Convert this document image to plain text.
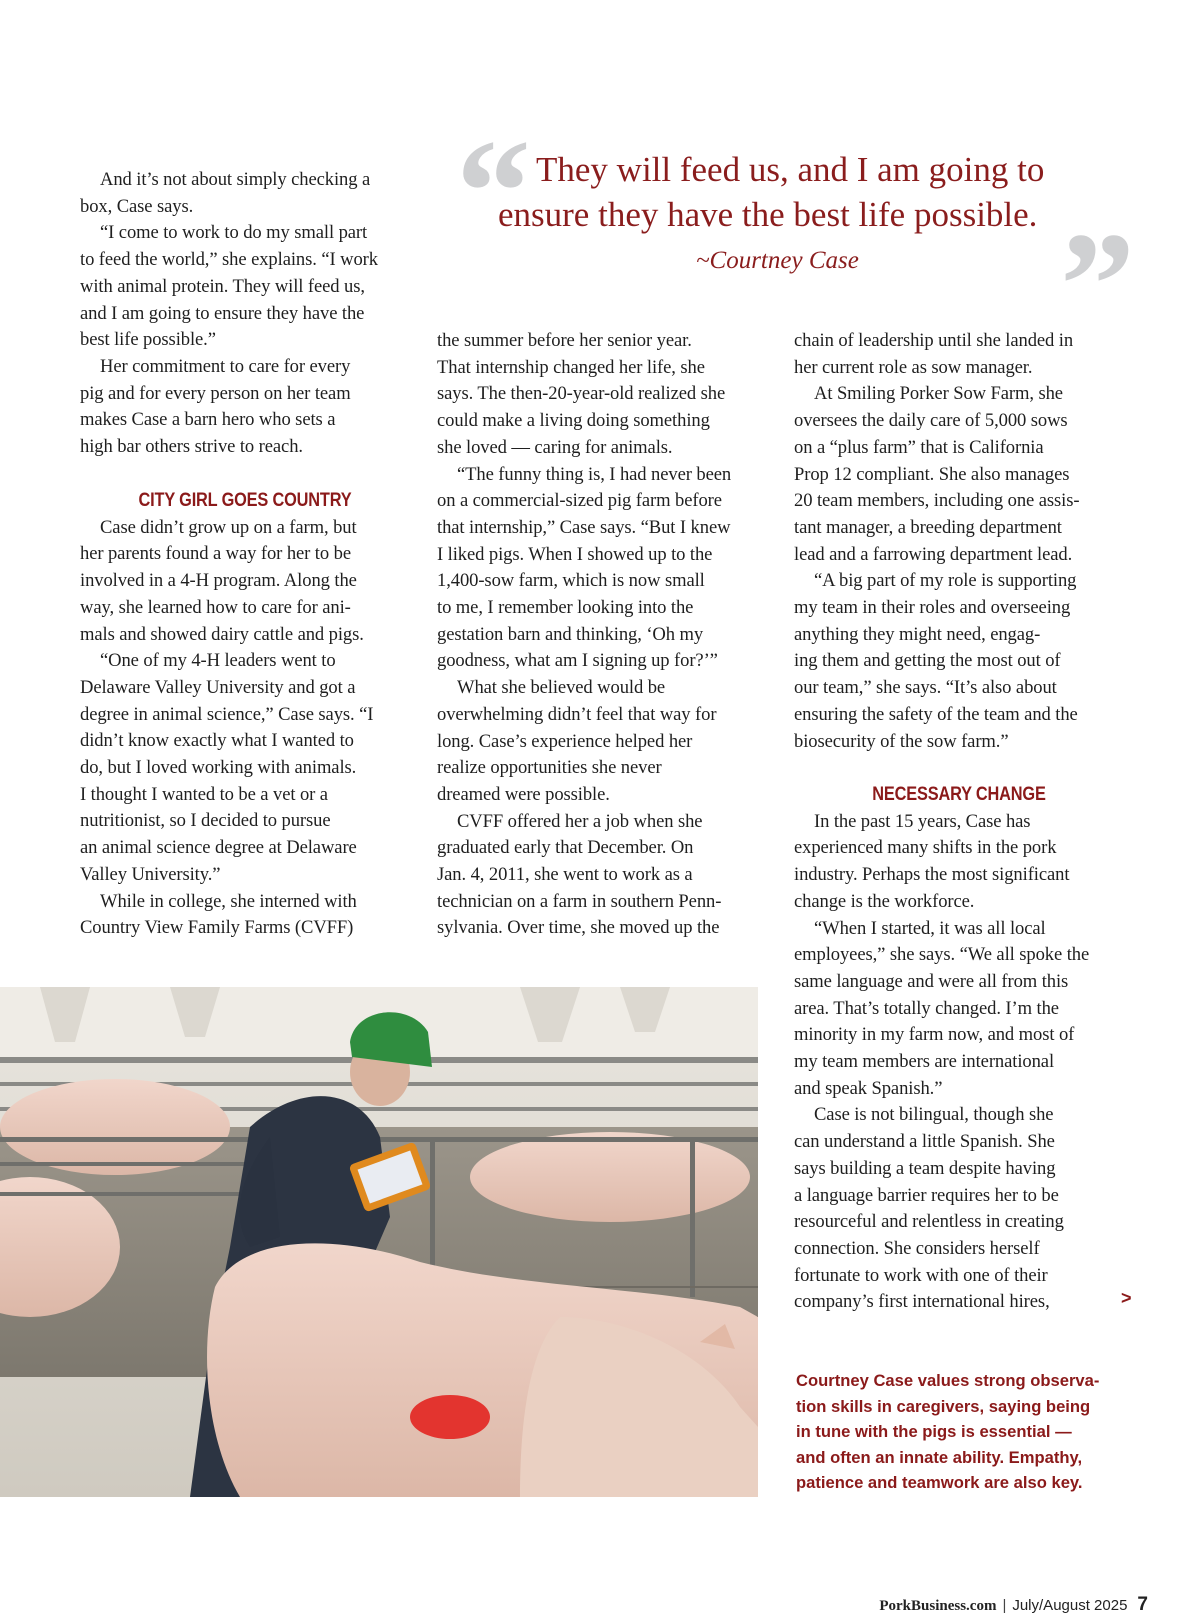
“ They will feed us, and I am going to
ensure they have the best life possible. ”
~Courtney Case
And it’s not about simply checking a
box, Case says.
“I come to work to do my small part
to feed the world,” she explains. “I work
with animal protein. They will feed us,
and I am going to ensure they have the
best life possible.”
Her commitment to care for every
pig and for every person on her team
makes Case a barn hero who sets a
high bar others strive to reach.
CITY GIRL GOES COUNTRY
Case didn’t grow up on a farm, but
her parents found a way for her to be
involved in a 4-H program. Along the
way, she learned how to care for ani-
mals and showed dairy cattle and pigs.
“One of my 4-H leaders went to
Delaware Valley University and got a
degree in animal science,” Case says. “I
didn’t know exactly what I wanted to
do, but I loved working with animals.
I thought I wanted to be a vet or a
nutritionist, so I decided to pursue
an animal science degree at Delaware
Valley University.”
While in college, she interned with
Country View Family Farms (CVFF)
the summer before her senior year.
That internship changed her life, she
says. The then-20-year-old realized she
could make a living doing something
she loved — caring for animals.
“The funny thing is, I had never been
on a commercial-sized pig farm before
that internship,” Case says. “But I knew
I liked pigs. When I showed up to the
1,400-sow farm, which is now small
to me, I remember looking into the
gestation barn and thinking, ‘Oh my
goodness, what am I signing up for?’”
What she believed would be
overwhelming didn’t feel that way for
long. Case’s experience helped her
realize opportunities she never
dreamed were possible.
CVFF offered her a job when she
graduated early that December. On
Jan. 4, 2011, she went to work as a
technician on a farm in southern Penn-
sylvania. Over time, she moved up the
chain of leadership until she landed in
her current role as sow manager.
At Smiling Porker Sow Farm, she
oversees the daily care of 5,000 sows
on a “plus farm” that is California
Prop 12 compliant. She also manages
20 team members, including one assis-
tant manager, a breeding department
lead and a farrowing department lead.
“A big part of my role is supporting
my team in their roles and overseeing
anything they might need, engag-
ing them and getting the most out of
our team,” she says. “It’s also about
ensuring the safety of the team and the
biosecurity of the sow farm.”
NECESSARY CHANGE
In the past 15 years, Case has
experienced many shifts in the pork
industry. Perhaps the most significant
change is the workforce.
“When I started, it was all local
employees,” she says. “We all spoke the
same language and were all from this
area. That’s totally changed. I’m the
minority in my farm now, and most of
my team members are international
and speak Spanish.”
Case is not bilingual, though she
can understand a little Spanish. She
says building a team despite having
a language barrier requires her to be
resourceful and relentless in creating
connection. She considers herself
fortunate to work with one of their
company’s first international hires,	>
Courtney Case values strong observa-
tion skills in caregivers, saying being
in tune with the pigs is essential —
and often an innate ability. Empathy,
patience and teamwork are also key.
PorkBusiness.com | July/August 2025 7
